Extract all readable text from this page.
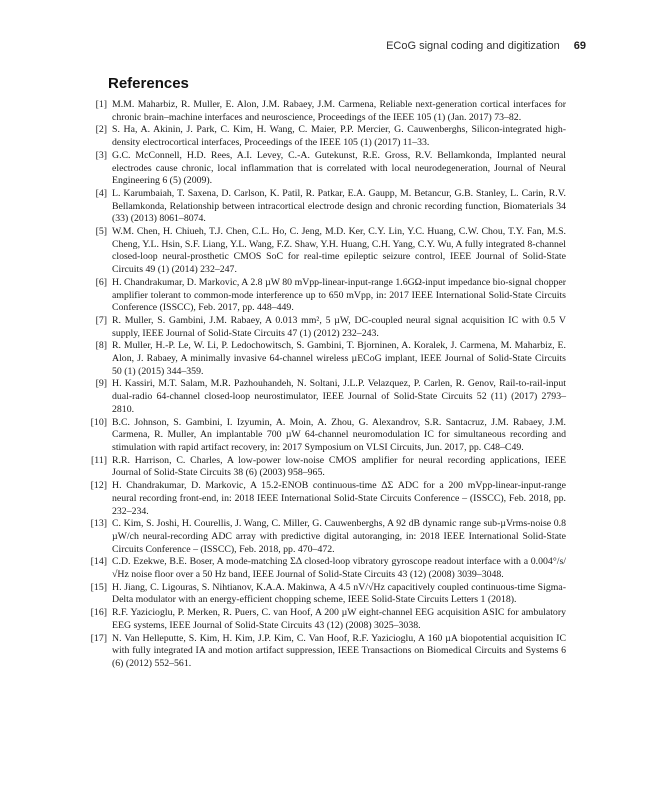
ECoG signal coding and digitization 69
References
[1] M.M. Maharbiz, R. Muller, E. Alon, J.M. Rabaey, J.M. Carmena, Reliable next-generation cortical interfaces for chronic brain–machine interfaces and neuroscience, Proceedings of the IEEE 105 (1) (Jan. 2017) 73–82.
[2] S. Ha, A. Akinin, J. Park, C. Kim, H. Wang, C. Maier, P.P. Mercier, G. Cauwenberghs, Silicon-integrated high-density electrocortical interfaces, Proceedings of the IEEE 105 (1) (2017) 11–33.
[3] G.C. McConnell, H.D. Rees, A.I. Levey, C.-A. Gutekunst, R.E. Gross, R.V. Bellamkonda, Implanted neural electrodes cause chronic, local inflammation that is correlated with local neurodegeneration, Journal of Neural Engineering 6 (5) (2009).
[4] L. Karumbaiah, T. Saxena, D. Carlson, K. Patil, R. Patkar, E.A. Gaupp, M. Betancur, G.B. Stanley, L. Carin, R.V. Bellamkonda, Relationship between intracortical electrode design and chronic recording function, Biomaterials 34 (33) (2013) 8061–8074.
[5] W.M. Chen, H. Chiueh, T.J. Chen, C.L. Ho, C. Jeng, M.D. Ker, C.Y. Lin, Y.C. Huang, C.W. Chou, T.Y. Fan, M.S. Cheng, Y.L. Hsin, S.F. Liang, Y.L. Wang, F.Z. Shaw, Y.H. Huang, C.H. Yang, C.Y. Wu, A fully integrated 8-channel closed-loop neural-prosthetic CMOS SoC for real-time epileptic seizure control, IEEE Journal of Solid-State Circuits 49 (1) (2014) 232–247.
[6] H. Chandrakumar, D. Markovic, A 2.8 µW 80 mVpp-linear-input-range 1.6GΩ-input impedance bio-signal chopper amplifier tolerant to common-mode interference up to 650 mVpp, in: 2017 IEEE International Solid-State Circuits Conference (ISSCC), Feb. 2017, pp. 448–449.
[7] R. Muller, S. Gambini, J.M. Rabaey, A 0.013 mm², 5 µW, DC-coupled neural signal acquisition IC with 0.5 V supply, IEEE Journal of Solid-State Circuits 47 (1) (2012) 232–243.
[8] R. Muller, H.-P. Le, W. Li, P. Ledochowitsch, S. Gambini, T. Bjorninen, A. Koralek, J. Carmena, M. Maharbiz, E. Alon, J. Rabaey, A minimally invasive 64-channel wireless µECoG implant, IEEE Journal of Solid-State Circuits 50 (1) (2015) 344–359.
[9] H. Kassiri, M.T. Salam, M.R. Pazhouhandeh, N. Soltani, J.L.P. Velazquez, P. Carlen, R. Genov, Rail-to-rail-input dual-radio 64-channel closed-loop neurostimulator, IEEE Journal of Solid-State Circuits 52 (11) (2017) 2793–2810.
[10] B.C. Johnson, S. Gambini, I. Izyumin, A. Moin, A. Zhou, G. Alexandrov, S.R. Santacruz, J.M. Rabaey, J.M. Carmena, R. Muller, An implantable 700 µW 64-channel neuromodulation IC for simultaneous recording and stimulation with rapid artifact recovery, in: 2017 Symposium on VLSI Circuits, Jun. 2017, pp. C48–C49.
[11] R.R. Harrison, C. Charles, A low-power low-noise CMOS amplifier for neural recording applications, IEEE Journal of Solid-State Circuits 38 (6) (2003) 958–965.
[12] H. Chandrakumar, D. Markovic, A 15.2-ENOB continuous-time ΔΣ ADC for a 200 mVpp-linear-input-range neural recording front-end, in: 2018 IEEE International Solid-State Circuits Conference – (ISSCC), Feb. 2018, pp. 232–234.
[13] C. Kim, S. Joshi, H. Courellis, J. Wang, C. Miller, G. Cauwenberghs, A 92 dB dynamic range sub-µVrms-noise 0.8 µW/ch neural-recording ADC array with predictive digital autoranging, in: 2018 IEEE International Solid-State Circuits Conference – (ISSCC), Feb. 2018, pp. 470–472.
[14] C.D. Ezekwe, B.E. Boser, A mode-matching ΣΔ closed-loop vibratory gyroscope readout interface with a 0.004°/s/√Hz noise floor over a 50 Hz band, IEEE Journal of Solid-State Circuits 43 (12) (2008) 3039–3048.
[15] H. Jiang, C. Ligouras, S. Nihtianov, K.A.A. Makinwa, A 4.5 nV/√Hz capacitively coupled continuous-time Sigma-Delta modulator with an energy-efficient chopping scheme, IEEE Solid-State Circuits Letters 1 (2018).
[16] R.F. Yazicioglu, P. Merken, R. Puers, C. van Hoof, A 200 µW eight-channel EEG acquisition ASIC for ambulatory EEG systems, IEEE Journal of Solid-State Circuits 43 (12) (2008) 3025–3038.
[17] N. Van Helleputte, S. Kim, H. Kim, J.P. Kim, C. Van Hoof, R.F. Yazicioglu, A 160 µA biopotential acquisition IC with fully integrated IA and motion artifact suppression, IEEE Transactions on Biomedical Circuits and Systems 6 (6) (2012) 552–561.
